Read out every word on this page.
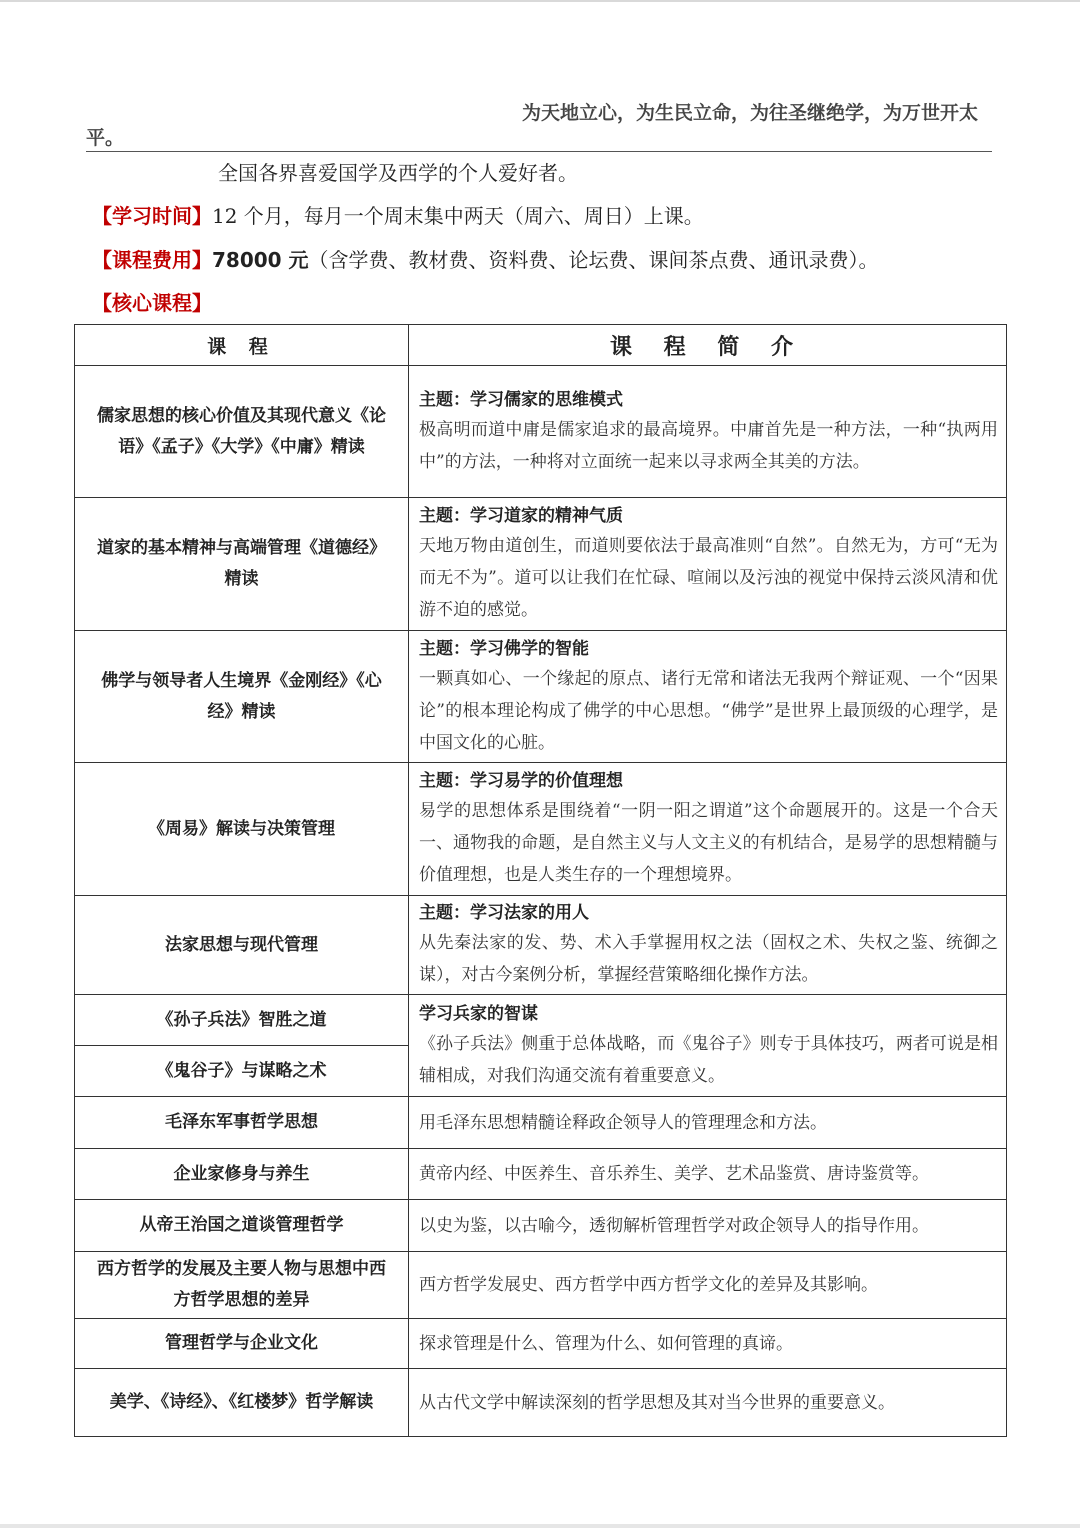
为天地立心，为生民立命，为往圣继绝学，为万世开太
平。
全国各界喜爱国学及西学的个人爱好者。
【学习时间】12 个月，每月一个周末集中两天（周六、周日）上课。
【课程费用】78000 元（含学费、教材费、资料费、论坛费、课间茶点费、通讯录费）。
【核心课程】
课 程	课 程 简 介
儒家思想的核心价值及其现代意义《论语》《孟子》《大学》《中庸》精读	主题：学习儒家的思维模式
极高明而道中庸是儒家追求的最高境界。中庸首先是一种方法，一种“执两用中”的方法，一种将对立面统一起来以寻求两全其美的方法。

道家的基本精神与高端管理《道德经》精读	主题：学习道家的精神气质
天地万物由道创生，而道则要依法于最高准则“自然”。自然无为，方可“无为而无不为”。道可以让我们在忙碌、喧闹以及污浊的视觉中保持云淡风清和优游不迫的感觉。

佛学与领导者人生境界《金刚经》《心经》精读	主题：学习佛学的智能
一颗真如心、一个缘起的原点、诸行无常和诸法无我两个辩证观、一个“因果论”的根本理论构成了佛学的中心思想。“佛学”是世界上最顶级的心理学，是中国文化的心脏。

《周易》解读与决策管理	主题：学习易学的价值理想
易学的思想体系是围绕着“一阴一阳之谓道”这个命题展开的。这是一个合天一、通物我的命题，是自然主义与人文主义的有机结合，是易学的思想精髓与价值理想，也是人类生存的一个理想境界。

法家思想与现代管理	主题：学习法家的用人
从先秦法家的发、势、术入手掌握用权之法（固权之术、失权之鉴、统御之谋），对古今案例分析，掌握经营策略细化操作方法。

《孙子兵法》智胜之道	学习兵家的智谋
《孙子兵法》侧重于总体战略，而《鬼谷子》则专于具体技巧，两者可说是相辅相成，对我们沟通交流有着重要意义。

《鬼谷子》与谋略之术	
毛泽东军事哲学思想	用毛泽东思想精髓诠释政企领导人的管理理念和方法。

企业家修身与养生	黄帝内经、中医养生、音乐养生、美学、艺术品鉴赏、唐诗鉴赏等。

从帝王治国之道谈管理哲学	以史为鉴，以古喻今，透彻解析管理哲学对政企领导人的指导作用。

西方哲学的发展及主要人物与思想中西方哲学思想的差异	西方哲学发展史、西方哲学中西方哲学文化的差异及其影响。

管理哲学与企业文化	探求管理是什么、管理为什么、如何管理的真谛。

美学、《诗经》、《红楼梦》哲学解读	从古代文学中解读深刻的哲学思想及其对当今世界的重要意义。
